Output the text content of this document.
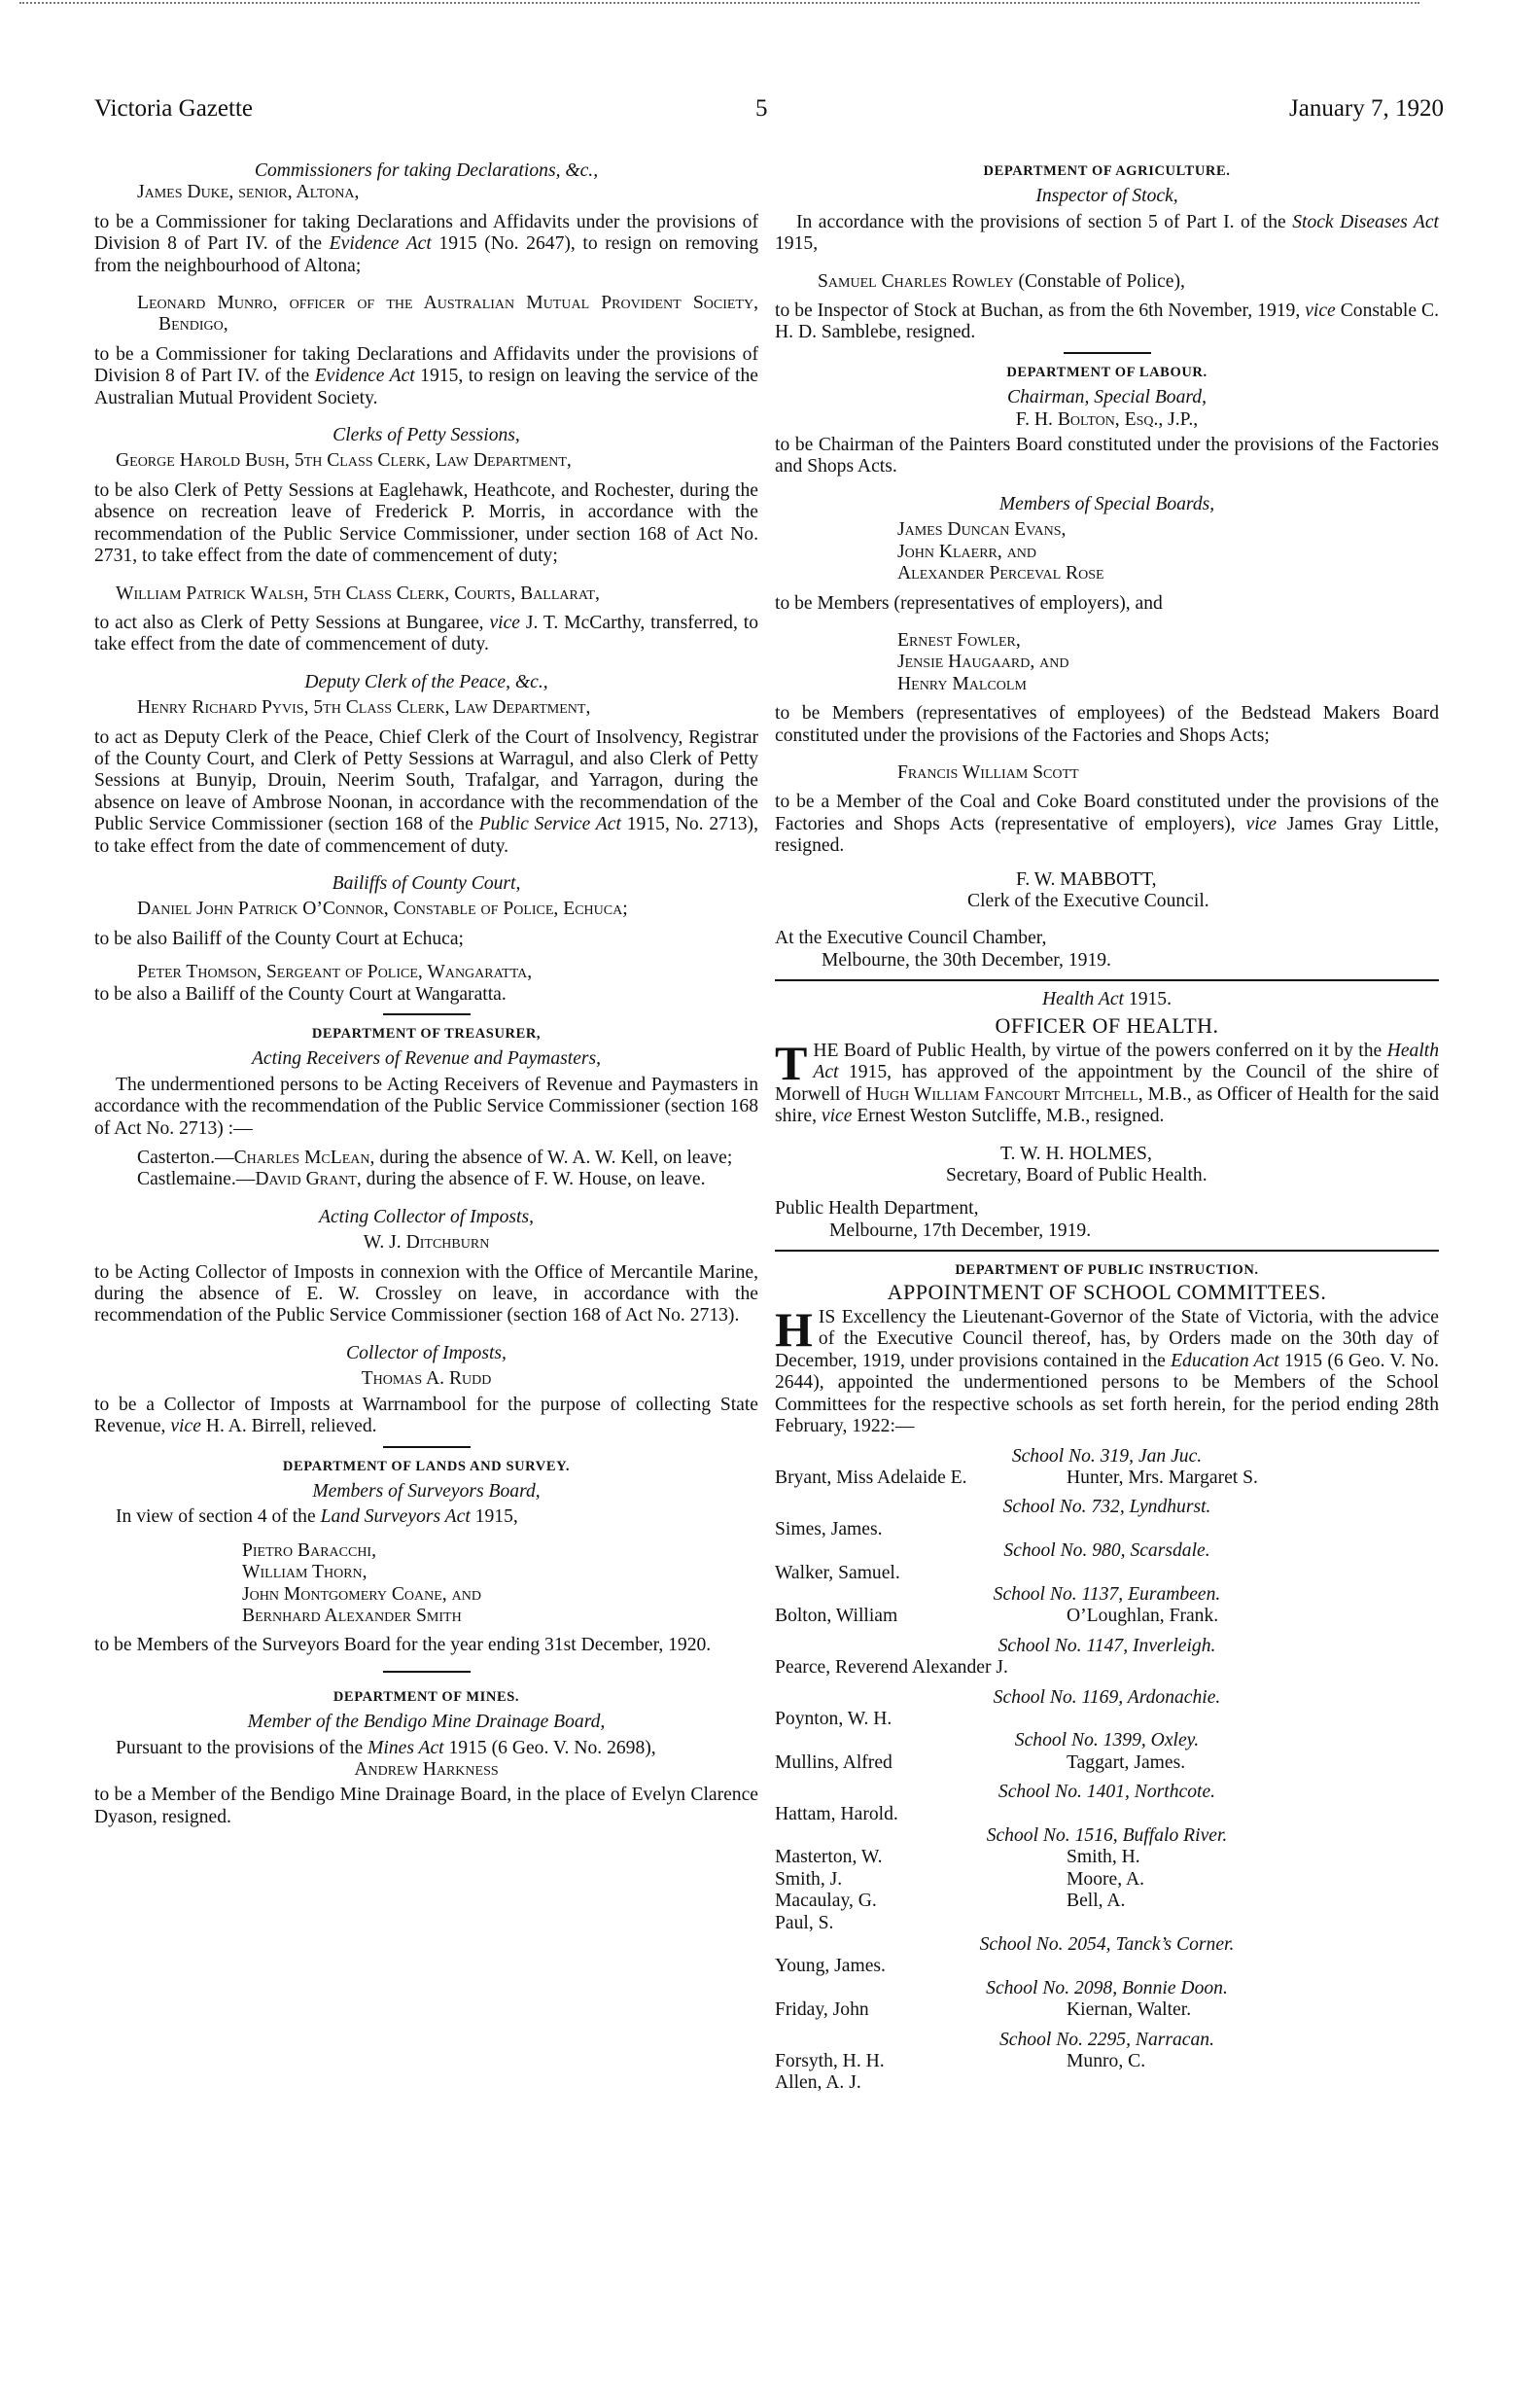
Victoria Gazette	5	January 7, 1920

Commissioners for taking Declarations, &c.,

James Duke, senior, Altona,

to be a Commissioner for taking Declarations and Affidavits under the provisions of Division 8 of Part IV. of the Evidence Act 1915 (No. 2647), to resign on removing from the neighbourhood of Altona;

Leonard Munro, officer of the Australian Mutual Provident Society, Bendigo,

to be a Commissioner for taking Declarations and Affidavits under the provisions of Division 8 of Part IV. of the Evidence Act 1915, to resign on leaving the service of the Australian Mutual Provident Society.

Clerks of Petty Sessions,

George Harold Bush, 5th Class Clerk, Law Department,

to be also Clerk of Petty Sessions at Eaglehawk, Heathcote, and Rochester, during the absence on recreation leave of Frederick P. Morris, in accordance with the recommendation of the Public Service Commissioner, under section 168 of Act No. 2731, to take effect from the date of commencement of duty;

William Patrick Walsh, 5th Class Clerk, Courts, Ballarat,

to act also as Clerk of Petty Sessions at Bungaree, vice J. T. McCarthy, transferred, to take effect from the date of commencement of duty.

Deputy Clerk of the Peace, &c.,

Henry Richard Pyvis, 5th Class Clerk, Law Department,

to act as Deputy Clerk of the Peace, Chief Clerk of the Court of Insolvency, Registrar of the County Court, and Clerk of Petty Sessions at Warragul, and also Clerk of Petty Sessions at Bunyip, Drouin, Neerim South, Trafalgar, and Yarragon, during the absence on leave of Ambrose Noonan, in accordance with the recommendation of the Public Service Commissioner (section 168 of the Public Service Act 1915, No. 2713), to take effect from the date of commencement of duty.

Bailiffs of County Court,

Daniel John Patrick O’Connor, Constable of Police, Echuca;

to be also Bailiff of the County Court at Echuca;

Peter Thomson, Sergeant of Police, Wangaratta,

to be also a Bailiff of the County Court at Wangaratta.

DEPARTMENT OF TREASURER,

Acting Receivers of Revenue and Paymasters,

The undermentioned persons to be Acting Receivers of Revenue and Paymasters in accordance with the recommendation of the Public Service Commissioner (section 168 of Act No. 2713) :—

Casterton.—Charles McLean, during the absence of W. A. W. Kell, on leave;

Castlemaine.—David Grant, during the absence of F. W. House, on leave.

Acting Collector of Imposts,

W. J. Ditchburn

to be Acting Collector of Imposts in connexion with the Office of Mercantile Marine, during the absence of E. W. Crossley on leave, in accordance with the recommendation of the Public Service Commissioner (section 168 of Act No. 2713).

Collector of Imposts,

Thomas A. Rudd

to be a Collector of Imposts at Warrnambool for the purpose of collecting State Revenue, vice H. A. Birrell, relieved.

DEPARTMENT OF LANDS AND SURVEY.

Members of Surveyors Board,

In view of section 4 of the Land Surveyors Act 1915,

Pietro Baracchi,
William Thorn,
John Montgomery Coane, and
Bernhard Alexander Smith

to be Members of the Surveyors Board for the year ending 31st December, 1920.

DEPARTMENT OF MINES.

Member of the Bendigo Mine Drainage Board,

Pursuant to the provisions of the Mines Act 1915 (6 Geo. V. No. 2698),

Andrew Harkness

to be a Member of the Bendigo Mine Drainage Board, in the place of Evelyn Clarence Dyason, resigned.

DEPARTMENT OF AGRICULTURE.

Inspector of Stock,

In accordance with the provisions of section 5 of Part I. of the Stock Diseases Act 1915,

Samuel Charles Rowley (Constable of Police),

to be Inspector of Stock at Buchan, as from the 6th November, 1919, vice Constable C. H. D. Samblebe, resigned.

DEPARTMENT OF LABOUR.

Chairman, Special Board,

F. H. Bolton, Esq., J.P.,

to be Chairman of the Painters Board constituted under the provisions of the Factories and Shops Acts.

Members of Special Boards,

James Duncan Evans,
John Klaerr, and
Alexander Perceval Rose

to be Members (representatives of employers), and

Ernest Fowler,
Jensie Haugaard, and
Henry Malcolm

to be Members (representatives of employees) of the Bedstead Makers Board constituted under the provisions of the Factories and Shops Acts;

Francis William Scott

to be a Member of the Coal and Coke Board constituted under the provisions of the Factories and Shops Acts (representative of employers), vice James Gray Little, resigned.

F. W. MABBOTT,

Clerk of the Executive Council.

At the Executive Council Chamber,

Melbourne, the 30th December, 1919.

Health Act 1915.

OFFICER OF HEALTH.

THE Board of Public Health, by virtue of the powers conferred on it by the Health Act 1915, has approved of the appointment by the Council of the shire of Morwell of Hugh William Fancourt Mitchell, M.B., as Officer of Health for the said shire, vice Ernest Weston Sutcliffe, M.B., resigned.

T. W. H. HOLMES,

Secretary, Board of Public Health.

Public Health Department,

Melbourne, 17th December, 1919.

DEPARTMENT OF PUBLIC INSTRUCTION.

APPOINTMENT OF SCHOOL COMMITTEES.

HIS Excellency the Lieutenant-Governor of the State of Victoria, with the advice of the Executive Council thereof, has, by Orders made on the 30th day of December, 1919, under provisions contained in the Education Act 1915 (6 Geo. V. No. 2644), appointed the undermentioned persons to be Members of the School Committees for the respective schools as set forth herein, for the period ending 28th February, 1922:—

School No. 319, Jan Juc.

Bryant, Miss Adelaide E.	Hunter, Mrs. Margaret S.

School No. 732, Lyndhurst.

Simes, James.

School No. 980, Scarsdale.

Walker, Samuel.

School No. 1137, Eurambeen.

Bolton, William	O’Loughlan, Frank.

School No. 1147, Inverleigh.

Pearce, Reverend Alexander J.

School No. 1169, Ardonachie.

Poynton, W. H.

School No. 1399, Oxley.

Mullins, Alfred	Taggart, James.

School No. 1401, Northcote.

Hattam, Harold.

School No. 1516, Buffalo River.

Masterton, W.	Smith, H.
Smith, J.	Moore, A.
Macaulay, G.	Bell, A.
Paul, S.

School No. 2054, Tanck’s Corner.

Young, James.

School No. 2098, Bonnie Doon.

Friday, John	Kiernan, Walter.

School No. 2295, Narracan.

Forsyth, H. H.	Munro, C.
Allen, A. J.
